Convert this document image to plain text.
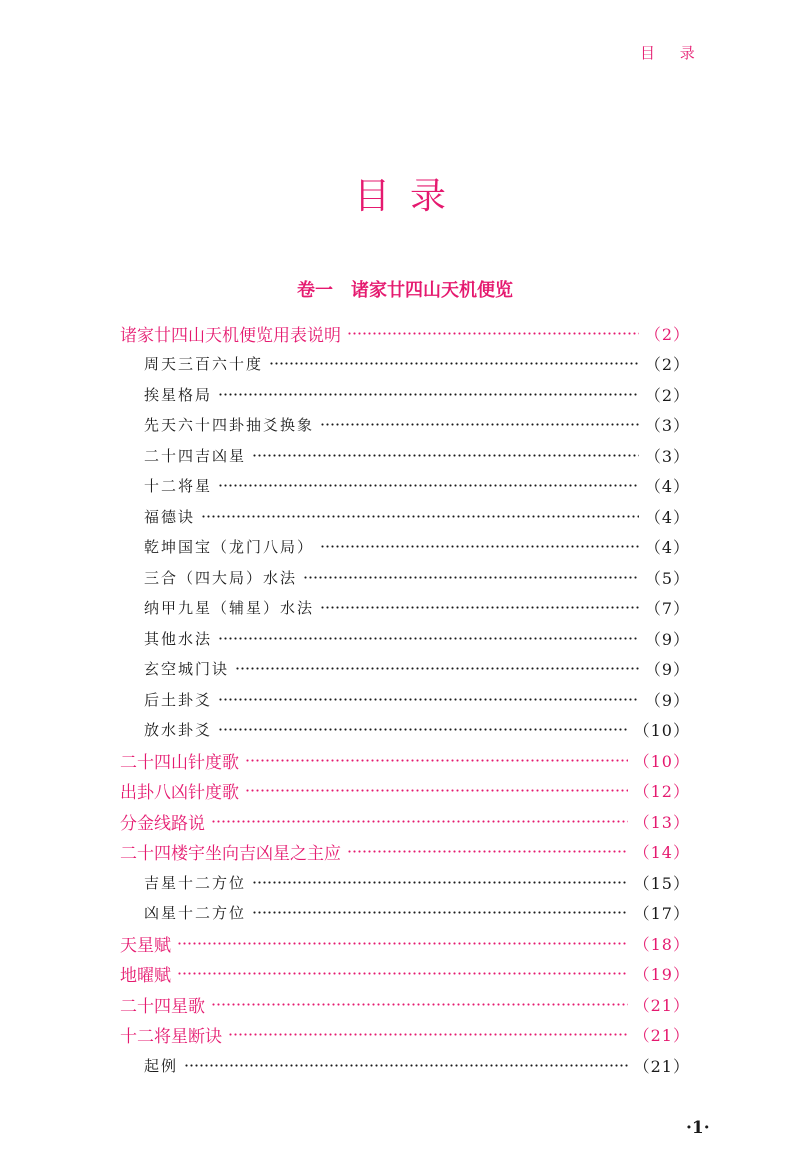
目 录
目录
卷一 诸家廿四山天机便览
诸家廿四山天机便览用表说明	（2）
周天三百六十度	（2）
挨星格局	（2）
先天六十四卦抽爻换象	（3）
二十四吉凶星	（3）
十二将星	（4）
福德诀	（4）
乾坤国宝（龙门八局）	（4）
三合（四大局）水法	（5）
纳甲九星（辅星）水法	（7）
其他水法	（9）
玄空城门诀	（9）
后土卦爻	（9）
放水卦爻	（10）
二十四山针度歌	（10）
出卦八凶针度歌	（12）
分金线路说	（13）
二十四楼宇坐向吉凶星之主应	（14）
吉星十二方位	（15）
凶星十二方位	（17）
天星赋	（18）
地曜赋	（19）
二十四星歌	（21）
十二将星断诀	（21）
起例	（21）
·1·
